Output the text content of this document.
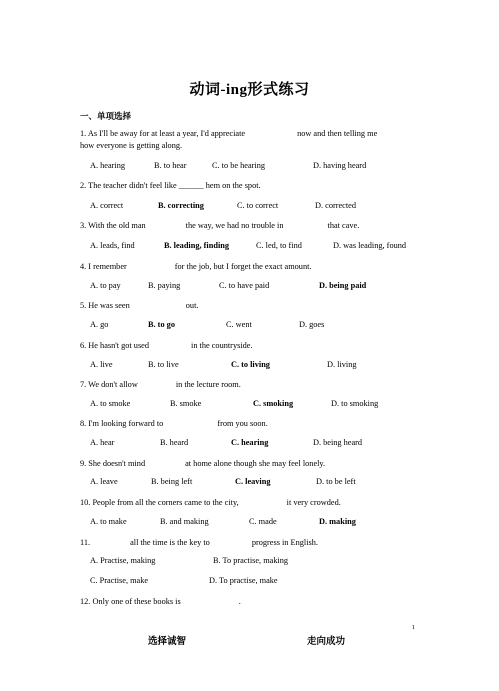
动词-ing形式练习
一、单项选择
1. As I'll be away for at least a year, I'd appreciate	now and then telling me
how everyone is getting along.
A. hearing	B. to hear	C. to be hearing	D. having heard
2. The teacher didn't feel like ______ hem on the spot.
A. correct	B. correcting	C. to correct	D. corrected
3. With the old man	the way, we had no trouble in	that cave.
A. leads, find	B. leading, finding	C. led, to find	D. was leading, found
4. I remember	for the job, but I forget the exact amount.
A. to pay	B. paying	C. to have paid	D. being paid
5. He was seen	out.
A. go	B. to go	C. went	D. goes
6. He hasn't got used	in the countryside.
A. live	B. to live	C. to living	D. living
7. We don't allow	in the lecture room.
A. to smoke	B. smoke	C. smoking	D. to smoking
8. I'm looking forward to	from you soon.
A. hear	B. heard	C. hearing	D. being heard
9. She doesn't mind	at home alone though she may feel lonely.
A. leave	B. being left	C. leaving	D. to be left
10. People from all the corners came to the city,	it very crowded.
A. to make	B. and making	C. made	D. making
11.	all the time is the key to	progress in English.
A. Practise, making	B. To practise, making
C. Practise, make	D. To practise, make
12. Only one of these books is	.
1
选择诚智	走向成功
